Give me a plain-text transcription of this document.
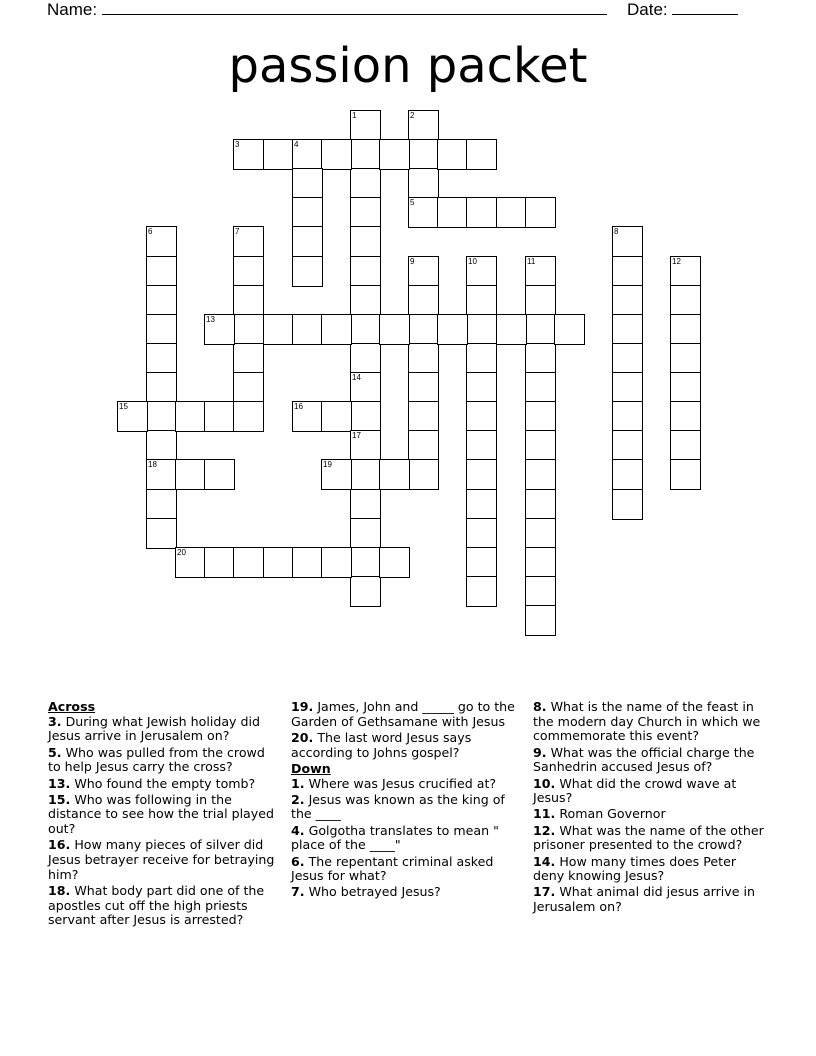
Name:	Date:
passion packet
1	2
3	4
5
6	7	8
9	10	11	12
13
14
15	16
17
18	19
20
Across
3. During what Jewish holiday did Jesus arrive in Jerusalem on?
5. Who was pulled from the crowd to help Jesus carry the cross?
13. Who found the empty tomb?
15. Who was following in the distance to see how the trial played out?
16. How many pieces of silver did Jesus betrayer receive for betraying him?
18. What body part did one of the apostles cut off the high priests servant after Jesus is arrested?
19. James, John and _____ go to the Garden of Gethsamane with Jesus
20. The last word Jesus says according to Johns gospel?
Down
1. Where was Jesus crucified at?
2. Jesus was known as the king of the ____
4. Golgotha translates to mean " place of the ____"
6. The repentant criminal asked Jesus for what?
7. Who betrayed Jesus?
8. What is the name of the feast in the modern day Church in which we commemorate this event?
9. What was the official charge the Sanhedrin accused Jesus of?
10. What did the crowd wave at Jesus?
11. Roman Governor
12. What was the name of the other prisoner presented to the crowd?
14. How many times does Peter deny knowing Jesus?
17. What animal did jesus arrive in Jerusalem on?
